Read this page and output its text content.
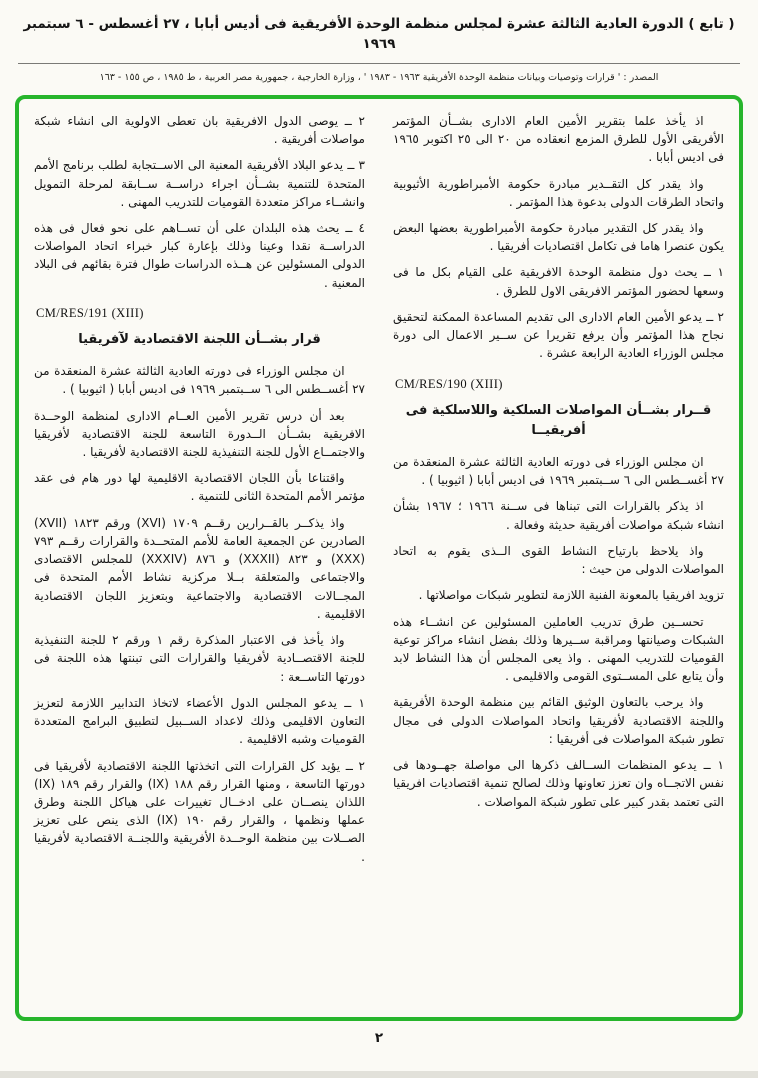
( تابع ) الدورة العادية الثالثة عشرة لمجلس منظمة الوحدة الأفريقية فى أديس أبابا ، ٢٧ أغسطس - ٦ سبتمبر ١٩٦٩
المصدر : ' قرارات وتوصيات وبيانات منظمة الوحدة الأفريقية ١٩٦٣ - ١٩٨٣ ' ، وزارة الخارجية ، جمهورية مصر العربية ، ط ١٩٨٥ ، ص ١٥٥ - ١٦٣

اذ يأخذ علما بتقرير الأمين العام الادارى بشــأن المؤتمر الأفريقى الأول للطرق المزمع انعقاده من ٢٠ الى ٢٥ اكتوبر ١٩٦٥ فى اديس أبابا .

واذ يقدر كل التقــدير مبادرة حكومة الأمبراطورية الأثيوبية واتحاد الطرقات الدولى بدعوة هذا المؤتمر .

واذ يقدر كل التقدير مبادرة حكومة الأمبراطورية بعضها البعض يكون عنصرا هاما فى تكامل اقتصاديات أفريقيا .

١ ــ يحث دول منظمة الوحدة الافريقية على القيام بكل ما فى وسعها لحضور المؤتمر الافريقى الاول للطرق .

٢ ــ يدعو الأمين العام الادارى الى تقديم المساعدة الممكنة لتحقيق نجاح هذا المؤتمر وأن يرفع تقريرا عن ســير الاعمال الى دورة مجلس الوزراء العادية الرابعة عشرة .

CM/RES/190 (XIII)
قــرار بشــأن المواصلات السلكية واللاسلكية فى أفريقيــا

ان مجلس الوزراء فى دورته العادية الثالثة عشرة المنعقدة من ٢٧ أغســطس الى ٦ ســبتمبر ١٩٦٩ فى اديس أبابا ( اثيوبيا ) .

اذ يذكر بالقرارات التى تبناها فى ســنة ١٩٦٦ ؛ ١٩٦٧ بشأن انشاء شبكة مواصلات أفريقية حديثة وفعالة .

واذ يلاحظ بارتياح النشاط القوى الــذى يقوم به اتحاد المواصلات الدولى من حيث :

تزويد افريقيا بالمعونة الفنية اللازمة لتطوير شبكات مواصلاتها .

تحســين طرق تدريب العاملين المسئولين عن انشــاء هذه الشبكات وصيانتها ومراقبة ســيرها وذلك بفضل انشاء مراكز توعية القوميات للتدريب المهنى . واذ يعى المجلس أن هذا النشاط لابد وأن يتابع على المســتوى القومى والاقليمى .

واذ يرحب بالتعاون الوثيق القائم بين منظمة الوحدة الأفريقية واللجنة الاقتصادية لأفريقيا واتحاد المواصلات الدولى فى مجال تطور شبكة المواصلات فى أفريقيا :

١ ــ يدعو المنظمات الســالف ذكرها الى مواصلة جهــودها فى نفس الاتجــاه وان تعزز تعاونها وذلك لصالح تنمية اقتصاديات افريقيا التى تعتمد بقدر كبير على تطور شبكة المواصلات .

٢ ــ يوصى الدول الافريقية بان تعطى الاولوية الى انشاء شبكة مواصلات أفريقية .

٣ ــ يدعو البلاد الأفريقية المعنية الى الاســتجابة لطلب برنامج الأمم المتحدة للتنمية بشــأن اجراء دراســة ســابقة لمرحلة التمويل وانشــاء مراكز متعددة القوميات للتدريب المهنى .

٤ ــ يحث هذه البلدان على أن تســاهم على نحو فعال فى هذه الدراســة نقدا وعينا وذلك بإعارة كبار خبراء اتحاد المواصلات الدولى المسئولين عن هــذه الدراسات طوال فترة بقائهم فى البلاد المعنية .

CM/RES/191 (XIII)
قرار بشــأن اللجنة الاقتصادية لآفريقيا

ان مجلس الوزراء فى دورته العادية الثالثة عشرة المنعقدة من ٢٧ أغســطس الى ٦ ســبتمبر ١٩٦٩ فى اديس أبابا ( اثيوبيا ) .

بعد أن درس تقرير الأمين العــام الادارى لمنظمة الوحــدة الافريقية بشــأن الــدورة التاسعة للجنة الاقتصادية لأفريقيا والاجتمــاع الأول للجنة التنفيذية للجنة الاقتصادية لأفريقيا .

واقتناعا بأن اللجان الاقتصادية الاقليمية لها دور هام فى عقد مؤتمر الأمم المتحدة الثانى للتنمية .

واذ يذكــر بالقــرارين رقــم ١٧٠٩ (XVI) ورقم ١٨٢٣ (XVII) الصادرين عن الجمعية العامة للأمم المتحــدة والقرارات رقــم ٧٩٣ (XXX) و ٨٢٣ (XXXII) و ٨٧٦ (XXXIV) للمجلس الاقتصادى والاجتماعى والمتعلقة بــلا مركزية نشاط الأمم المتحدة فى المجــالات الاقتصادية والاجتماعية وبتعزيز اللجان الاقتصادية الاقليمية .

واذ يأخذ فى الاعتبار المذكرة رقم ١ ورقم ٢ للجنة التنفيذية للجنة الاقتصــادية لأفريقيا والقرارات التى تبنتها هذه اللجنة فى دورتها التاســعة :

١ ــ يدعو المجلس الدول الأعضاء لاتخاذ التدابير اللازمة لتعزيز التعاون الاقليمى وذلك لاعداد الســبيل لتطبيق البرامج المتعددة القوميات وشبه الاقليمية .

٢ ــ يؤيد كل القرارات التى اتخذتها اللجنة الاقتصادية لأفريقيا فى دورتها التاسعة ، ومنها القرار رقم ١٨٨ (IX) والقرار رقم ١٨٩ (IX) اللذان ينصــان على ادخــال تغييرات على هياكل اللجنة وطرق عملها ونظمها ، والقرار رقم ١٩٠ (IX) الذى ينص على تعزيز الصــلات بين منظمة الوحــدة الأفريقية واللجنــة الاقتصادية لأفريقيا .

٢
